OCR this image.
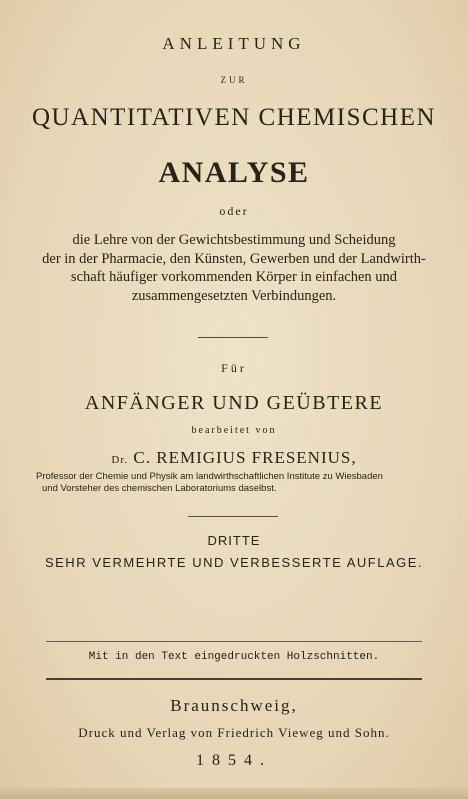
ANLEITUNG
ZUR
QUANTITATIVEN CHEMISCHEN
ANALYSE
oder
die Lehre von der Gewichtsbestimmung und Scheidung
der in der Pharmacie, den Künsten, Gewerben und der Landwirth-
schaft häufiger vorkommenden Körper in einfachen und
zusammengesetzten Verbindungen.
Für
ANFÄNGER UND GEÜBTERE
bearbeitet von
Dr. C. REMIGIUS FRESENIUS,
Professor der Chemie und Physik am landwirthschaftlichen Institute zu Wiesbaden
und Vorsteher des chemischen Laboratoriums daselbst.
DRITTE
SEHR VERMEHRTE UND VERBESSERTE AUFLAGE.
Mit in den Text eingedruckten Holzschnitten.
Braunschweig,
Druck und Verlag von Friedrich Vieweg und Sohn.
1854.
